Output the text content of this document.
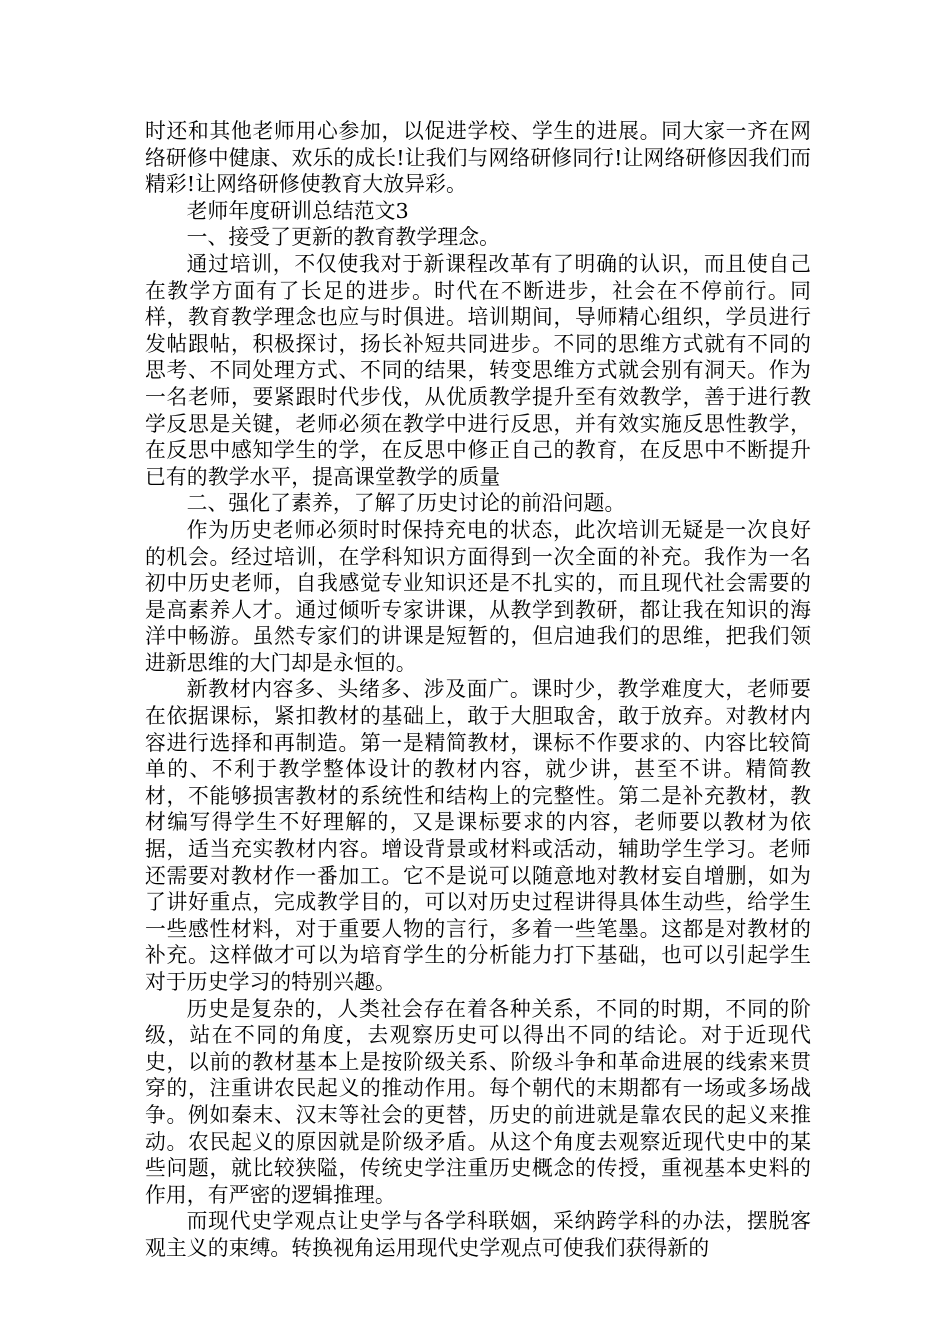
时还和其他老师用心参加，以促进学校、学生的进展。同大家一齐在网络研修中健康、欢乐的成长!让我们与网络研修同行!让网络研修因我们而精彩!让网络研修使教育大放异彩。

老师年度研训总结范文3

一、接受了更新的教育教学理念。

通过培训，不仅使我对于新课程改革有了明确的认识，而且使自己在教学方面有了长足的进步。时代在不断进步，社会在不停前行。同样，教育教学理念也应与时俱进。培训期间，导师精心组织，学员进行发帖跟帖，积极探讨，扬长补短共同进步。不同的思维方式就有不同的思考、不同处理方式、不同的结果，转变思维方式就会别有洞天。作为一名老师，要紧跟时代步伐，从优质教学提升至有效教学，善于进行教学反思是关键，老师必须在教学中进行反思，并有效实施反思性教学，在反思中感知学生的学，在反思中修正自己的教育，在反思中不断提升已有的教学水平，提高课堂教学的质量

二、强化了素养，了解了历史讨论的前沿问题。

作为历史老师必须时时保持充电的状态，此次培训无疑是一次良好的机会。经过培训，在学科知识方面得到一次全面的补充。我作为一名初中历史老师，自我感觉专业知识还是不扎实的，而且现代社会需要的是高素养人才。通过倾听专家讲课，从教学到教研，都让我在知识的海洋中畅游。虽然专家们的讲课是短暂的，但启迪我们的思维，把我们领进新思维的大门却是永恒的。

新教材内容多、头绪多、涉及面广。课时少，教学难度大，老师要在依据课标，紧扣教材的基础上，敢于大胆取舍，敢于放弃。对教材内容进行选择和再制造。第一是精简教材，课标不作要求的、内容比较简单的、不利于教学整体设计的教材内容，就少讲，甚至不讲。精简教材，不能够损害教材的系统性和结构上的完整性。第二是补充教材，教材编写得学生不好理解的，又是课标要求的内容，老师要以教材为依据，适当充实教材内容。增设背景或材料或活动，辅助学生学习。老师还需要对教材作一番加工。它不是说可以随意地对教材妄自增删，如为了讲好重点，完成教学目的，可以对历史过程讲得具体生动些，给学生一些感性材料，对于重要人物的言行，多着一些笔墨。这都是对教材的补充。这样做才可以为培育学生的分析能力打下基础，也可以引起学生对于历史学习的特别兴趣。

历史是复杂的，人类社会存在着各种关系，不同的时期，不同的阶级，站在不同的角度，去观察历史可以得出不同的结论。对于近现代史，以前的教材基本上是按阶级关系、阶级斗争和革命进展的线索来贯穿的，注重讲农民起义的推动作用。每个朝代的末期都有一场或多场战争。例如秦末、汉末等社会的更替，历史的前进就是靠农民的起义来推动。农民起义的原因就是阶级矛盾。从这个角度去观察近现代史中的某些问题，就比较狭隘，传统史学注重历史概念的传授，重视基本史料的作用，有严密的逻辑推理。

而现代史学观点让史学与各学科联姻，采纳跨学科的办法，摆脱客观主义的束缚。转换视角运用现代史学观点可使我们获得新的
